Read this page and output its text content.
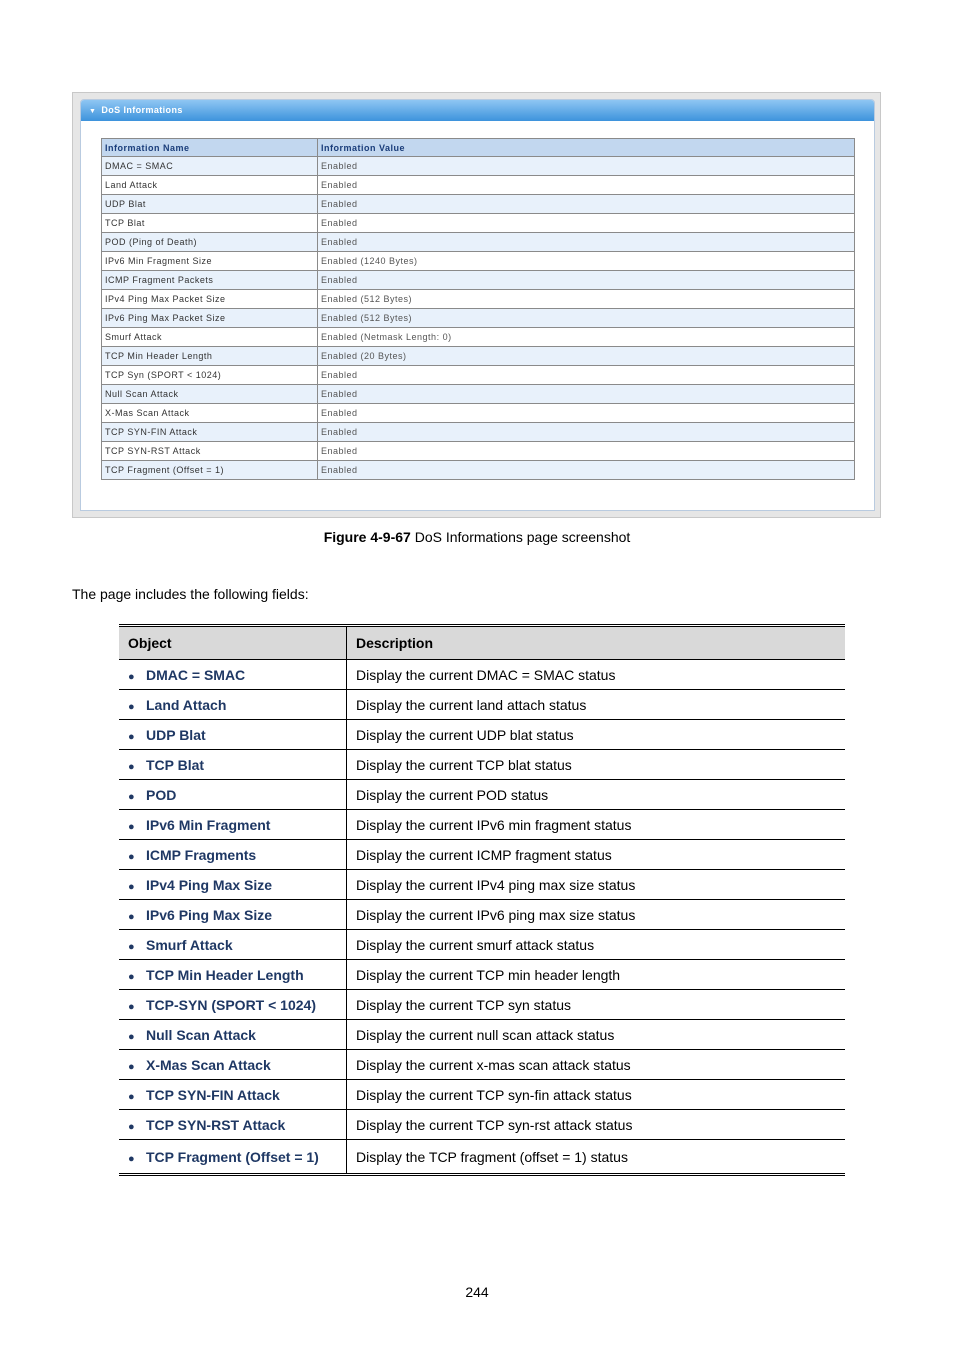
▼ DoS Informations
Information Name	Information Value
DMAC = SMAC	Enabled
Land Attack	Enabled
UDP Blat	Enabled
TCP Blat	Enabled
POD (Ping of Death)	Enabled
IPv6 Min Fragment Size	Enabled (1240 Bytes)
ICMP Fragment Packets	Enabled
IPv4 Ping Max Packet Size	Enabled (512 Bytes)
IPv6 Ping Max Packet Size	Enabled (512 Bytes)
Smurf Attack	Enabled (Netmask Length: 0)
TCP Min Header Length	Enabled (20 Bytes)
TCP Syn (SPORT < 1024)	Enabled
Null Scan Attack	Enabled
X-Mas Scan Attack	Enabled
TCP SYN-FIN Attack	Enabled
TCP SYN-RST Attack	Enabled
TCP Fragment (Offset = 1)	Enabled
Figure 4-9-67 DoS Informations page screenshot
The page includes the following fields:
Object	Description
● DMAC = SMAC	Display the current DMAC = SMAC status
● Land Attach	Display the current land attach status
● UDP Blat	Display the current UDP blat status
● TCP Blat	Display the current TCP blat status
● POD	Display the current POD status
● IPv6 Min Fragment	Display the current IPv6 min fragment status
● ICMP Fragments	Display the current ICMP fragment status
● IPv4 Ping Max Size	Display the current IPv4 ping max size status
● IPv6 Ping Max Size	Display the current IPv6 ping max size status
● Smurf Attack	Display the current smurf attack status
● TCP Min Header Length	Display the current TCP min header length
● TCP-SYN (SPORT < 1024)	Display the current TCP syn status
● Null Scan Attack	Display the current null scan attack status
● X-Mas Scan Attack	Display the current x-mas scan attack status
● TCP SYN-FIN Attack	Display the current TCP syn-fin attack status
● TCP SYN-RST Attack	Display the current TCP syn-rst attack status
● TCP Fragment (Offset = 1)	Display the TCP fragment (offset = 1) status
244
